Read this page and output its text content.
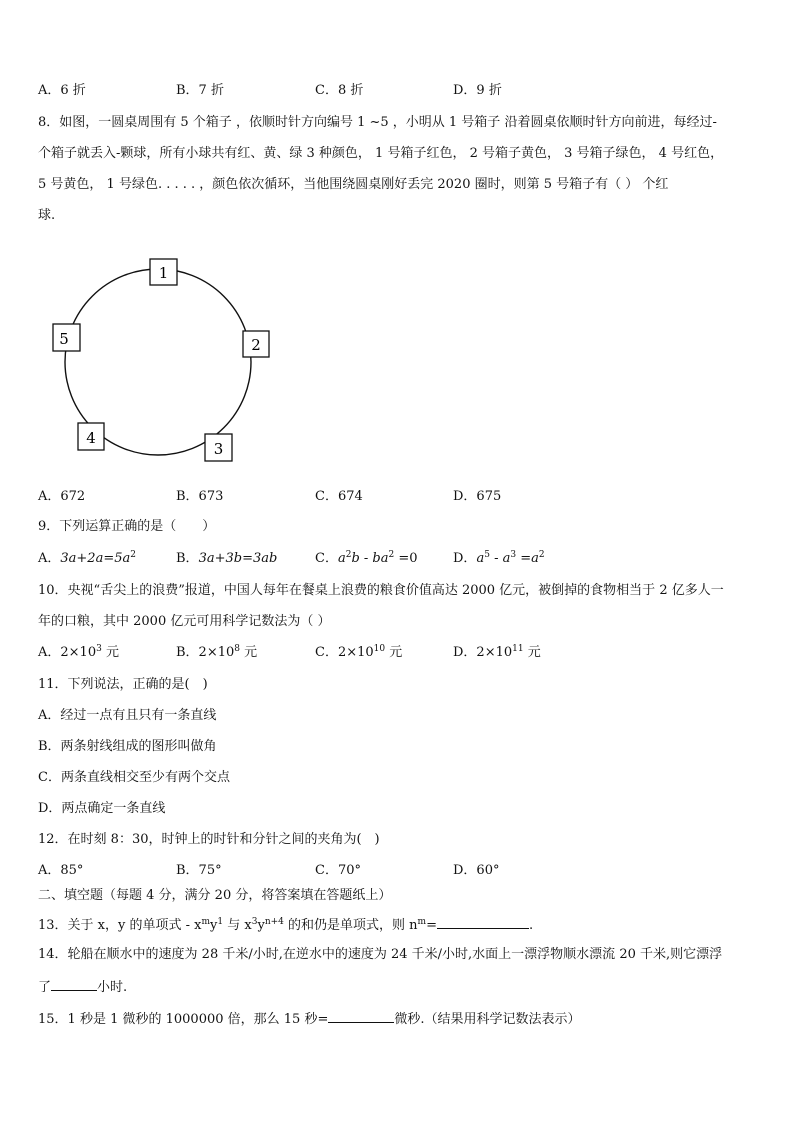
A．6 折	B．7 折	C．8 折	D．9 折
8．如图，一圆桌周围有 5 个箱子 ，依顺时针方向编号 1 ~5 ，小明从 1 号箱子 沿着圆桌依顺时针方向前进，每经过-
个箱子就丢入-颗球，所有小球共有红、黄、绿 3 种颜色， 1 号箱子红色， 2 号箱子黄色， 3 号箱子绿色， 4 号红色，
5 号黄色， 1 号绿色. . . . . ，颜色依次循环，当他围绕圆桌刚好丢完 2020 圈时，则第 5 号箱子有（ ） 个红
球.
1
2
3
4
5
A．672	B．673	C．674	D．675
9．下列运算正确的是（　　）
A．$3a+2a=5a^2$	B．3a+3b=3ab	C．$a^2b - ba^2 =0$	D．$a^5 - a^3 =a^2$
10．央视“舌尖上的浪费”报道，中国人每年在餐桌上浪费的粮食价值高达 2000 亿元，被倒掉的食物相当于 2 亿多人一
年的口粮，其中 2000 亿元可用科学记数法为（ ）
A．$2\times 10^3$ 元	B．$2\times 10^8$ 元	C．$2\times 10^{10}$ 元	D．$2\times 10^{11}$ 元
11．下列说法，正确的是(　)
A．经过一点有且只有一条直线
B．两条射线组成的图形叫做角
C．两条直线相交至少有两个交点
D．两点确定一条直线
12．在时刻 8：30，时钟上的时针和分针之间的夹角为(　)
A．85°	B．75°	C．70°	D．60°
二、填空题（每题 4 分，满分 20 分，将答案填在答题纸上）
13．关于 x，y 的单项式 - $x^my^1$ 与 $x^3y^{n+4}$ 的和仍是单项式，则 $n^m=$	.
14．轮船在顺水中的速度为 28 千米/小时,在逆水中的速度为 24 千米/小时,水面上一漂浮物顺水漂流 20 千米,则它漂浮
了	小时.
15．1 秒是 1 微秒的 1000000 倍，那么 15 秒=	微秒.（结果用科学记数法表示）
